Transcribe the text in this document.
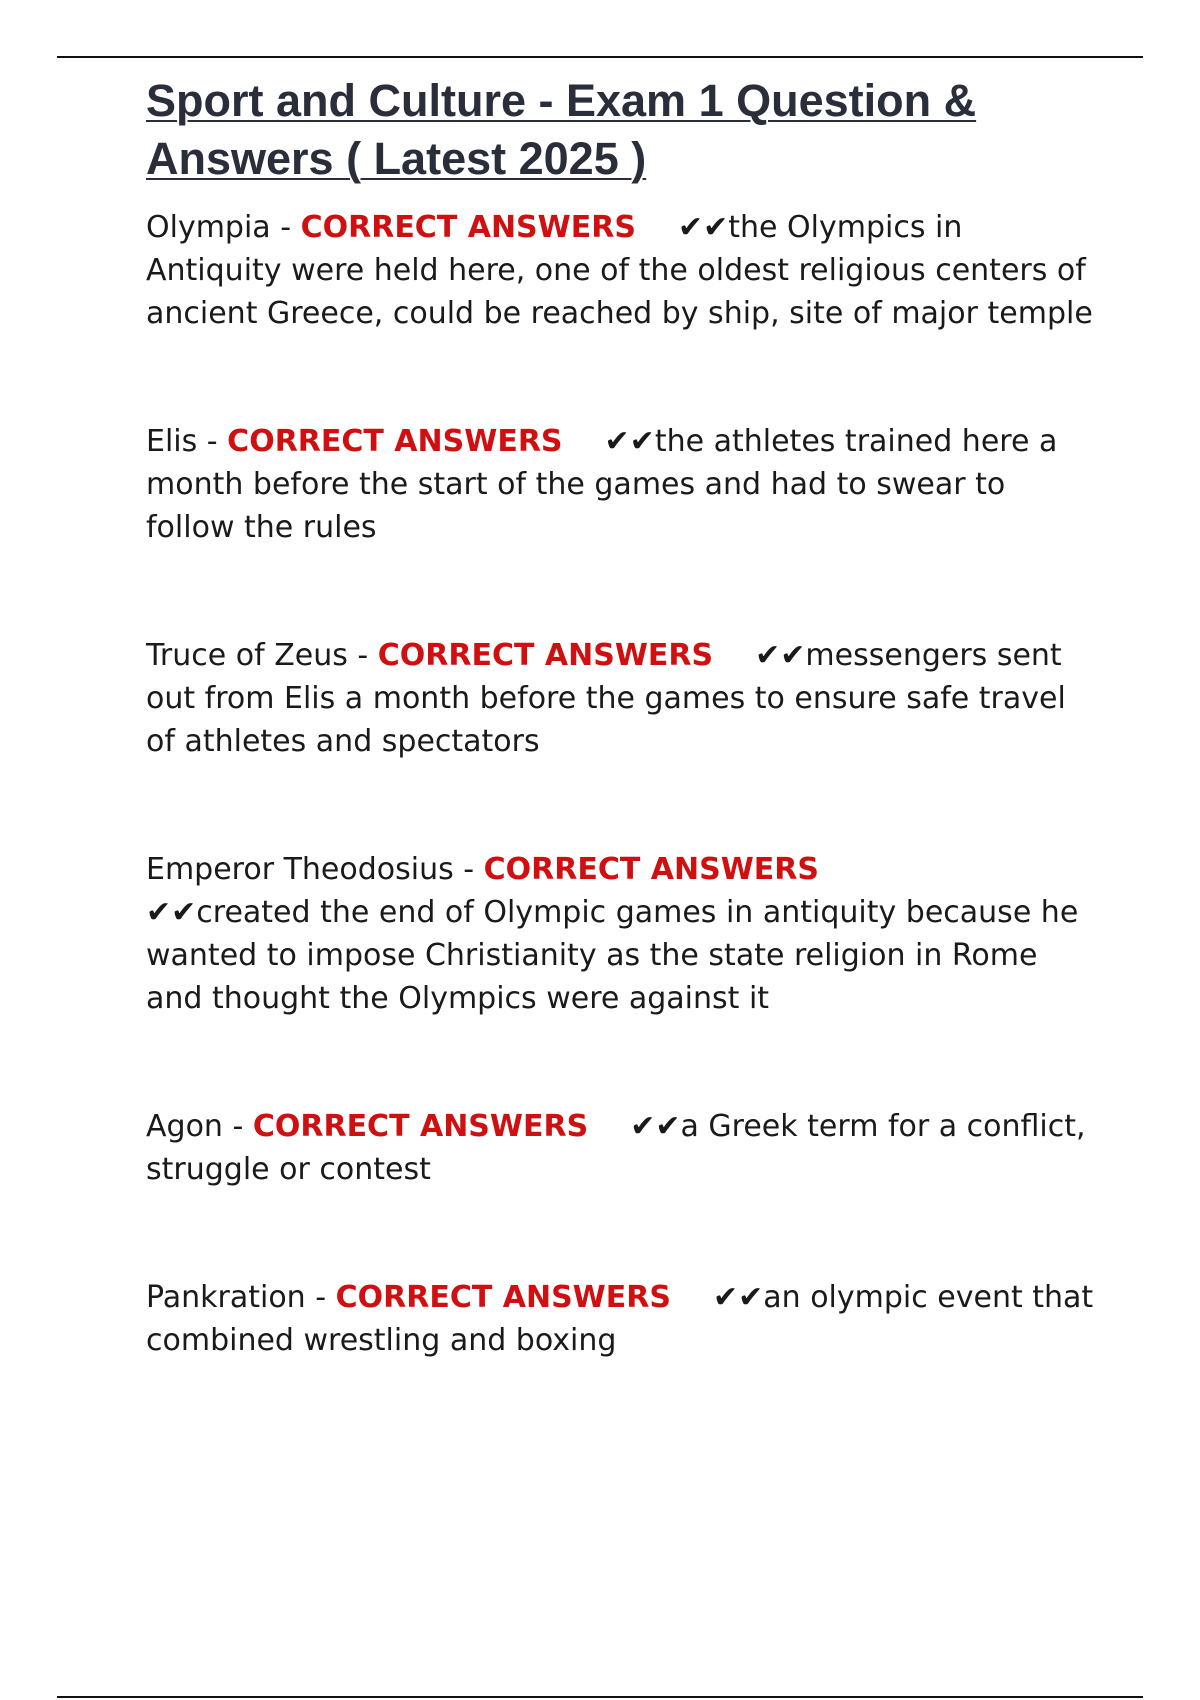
Sport and Culture - Exam 1 Question & Answers ( Latest 2025 )

Olympia - CORRECT ANSWERS ✔✔the Olympics in Antiquity were held here, one of the oldest religious centers of ancient Greece, could be reached by ship, site of major temple

Elis - CORRECT ANSWERS ✔✔the athletes trained here a month before the start of the games and had to swear to follow the rules

Truce of Zeus - CORRECT ANSWERS ✔✔messengers sent out from Elis a month before the games to ensure safe travel of athletes and spectators

Emperor Theodosius - CORRECT ANSWERS
✔✔created the end of Olympic games in antiquity because he wanted to impose Christianity as the state religion in Rome and thought the Olympics were against it

Agon - CORRECT ANSWERS ✔✔a Greek term for a conflict, struggle or contest

Pankration - CORRECT ANSWERS ✔✔an olympic event that combined wrestling and boxing
